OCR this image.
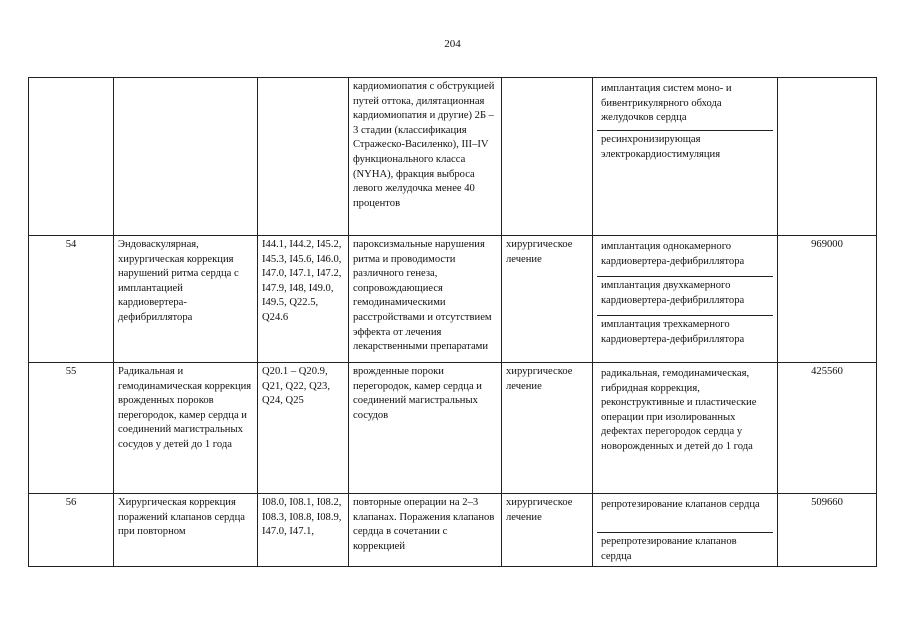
204
			кардиомиопатия с обструкцией путей оттока, дилятационная кардиомиопатия и другие) 2Б – 3 стадии (классификация Стражеско-Василенко), III–IV функционального класса (NYHA), фракция выброса левого желудочка менее 40 процентов		имплантация систем моно- и бивентрикулярного обхода желудочков сердца
ресинхронизирующая электрокардиостимуляция	

54	Эндоваскулярная, хирургическая коррекция нарушений ритма сердца с имплантацией кардиовертера-дефибриллятора	I44.1, I44.2, I45.2, I45.3, I45.6, I46.0, I47.0, I47.1, I47.2, I47.9, I48, I49.0, I49.5, Q22.5, Q24.6	пароксизмальные нарушения ритма и проводимости различного генеза, сопровождающиеся гемодинамическими расстройствами и отсутствием эффекта от лечения лекарственными препаратами	хирургическое лечение	имплантация однокамерного кардиовертера-дефибриллятора
имплантация двухкамерного кардиовертера-дефибриллятора
имплантация трехкамерного кардиовертера-дефибриллятора	969000
55	Радикальная и гемодинамическая коррекция врожденных пороков перегородок, камер сердца и соединений магистральных сосудов у детей до 1 года	Q20.1 – Q20.9, Q21, Q22, Q23, Q24, Q25	врожденные пороки перегородок, камер сердца и соединений магистральных сосудов	хирургическое лечение	радикальная, гемодинамическая, гибридная коррекция, реконструктивные и пластические операции при изолированных дефектах перегородок сердца у новорожденных и детей до 1 года	425560
56	Хирургическая коррекция поражений клапанов сердца при повторном	I08.0, I08.1, I08.2, I08.3, I08.8, I08.9, I47.0, I47.1,	повторные операции на 2–3 клапанах. Поражения клапанов сердца в сочетании с коррекцией	хирургическое лечение	репротезирование клапанов сердца
ререпротезирование клапанов сердца	509660
